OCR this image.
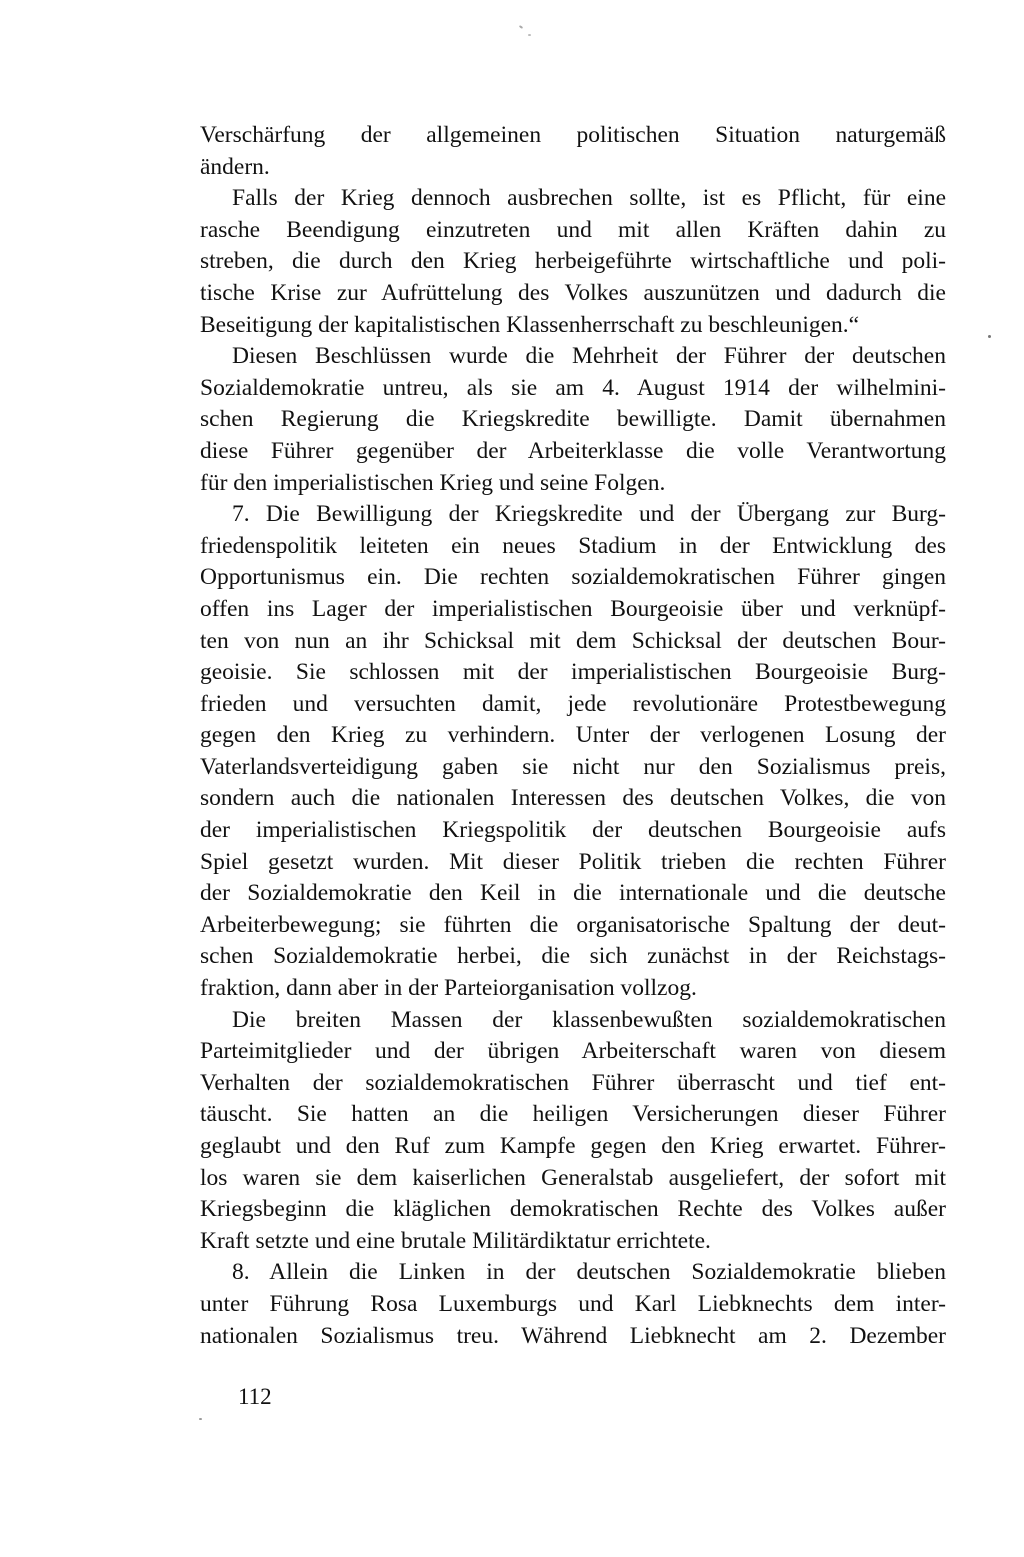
Verschärfung der allgemeinen politischen Situation naturgemäß
ändern.
Falls der Krieg dennoch ausbrechen sollte, ist es Pflicht, für eine
rasche Beendigung einzutreten und mit allen Kräften dahin zu
streben, die durch den Krieg herbeigeführte wirtschaftliche und poli-
tische Krise zur Aufrüttelung des Volkes auszunützen und dadurch die
Beseitigung der kapitalistischen Klassenherrschaft zu beschleunigen.“
Diesen Beschlüssen wurde die Mehrheit der Führer der deutschen
Sozialdemokratie untreu, als sie am 4. August 1914 der wilhelmini-
schen Regierung die Kriegskredite bewilligte. Damit übernahmen
diese Führer gegenüber der Arbeiterklasse die volle Verantwortung
für den imperialistischen Krieg und seine Folgen.
7. Die Bewilligung der Kriegskredite und der Übergang zur Burg-
friedenspolitik leiteten ein neues Stadium in der Entwicklung des
Opportunismus ein. Die rechten sozialdemokratischen Führer gingen
offen ins Lager der imperialistischen Bourgeoisie über und verknüpf-
ten von nun an ihr Schicksal mit dem Schicksal der deutschen Bour-
geoisie. Sie schlossen mit der imperialistischen Bourgeoisie Burg-
frieden und versuchten damit, jede revolutionäre Protestbewegung
gegen den Krieg zu verhindern. Unter der verlogenen Losung der
Vaterlandsverteidigung gaben sie nicht nur den Sozialismus preis,
sondern auch die nationalen Interessen des deutschen Volkes, die von
der imperialistischen Kriegspolitik der deutschen Bourgeoisie aufs
Spiel gesetzt wurden. Mit dieser Politik trieben die rechten Führer
der Sozialdemokratie den Keil in die internationale und die deutsche
Arbeiterbewegung; sie führten die organisatorische Spaltung der deut-
schen Sozialdemokratie herbei, die sich zunächst in der Reichstags-
fraktion, dann aber in der Parteiorganisation vollzog.
Die breiten Massen der klassenbewußten sozialdemokratischen
Parteimitglieder und der übrigen Arbeiterschaft waren von diesem
Verhalten der sozialdemokratischen Führer überrascht und tief ent-
täuscht. Sie hatten an die heiligen Versicherungen dieser Führer
geglaubt und den Ruf zum Kampfe gegen den Krieg erwartet. Führer-
los waren sie dem kaiserlichen Generalstab ausgeliefert, der sofort mit
Kriegsbeginn die kläglichen demokratischen Rechte des Volkes außer
Kraft setzte und eine brutale Militärdiktatur errichtete.
8. Allein die Linken in der deutschen Sozialdemokratie blieben
unter Führung Rosa Luxemburgs und Karl Liebknechts dem inter-
nationalen Sozialismus treu. Während Liebknecht am 2. Dezember
112
